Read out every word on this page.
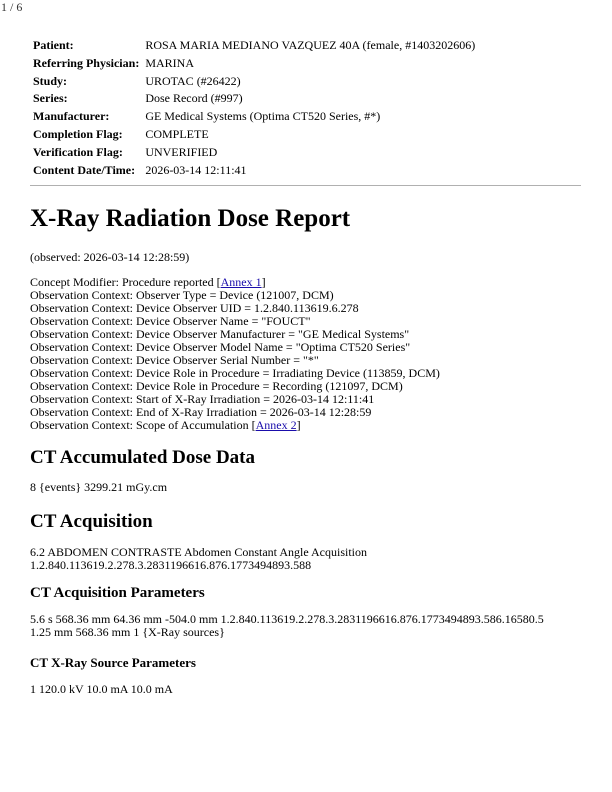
1 / 6
Patient:	ROSA MARIA MEDIANO VAZQUEZ 40A (female, #1403202606)
Referring Physician:	MARINA
Study:	UROTAC (#26422)
Series:	Dose Record (#997)
Manufacturer:	GE Medical Systems (Optima CT520 Series, #*)
Completion Flag:	COMPLETE
Verification Flag:	UNVERIFIED
Content Date/Time:	2026-03-14 12:11:41
X-Ray Radiation Dose Report
(observed: 2026-03-14 12:28:59)
Concept Modifier: Procedure reported [Annex 1]
Observation Context: Observer Type = Device (121007, DCM)
Observation Context: Device Observer UID = 1.2.840.113619.6.278
Observation Context: Device Observer Name = "FOUCT"
Observation Context: Device Observer Manufacturer = "GE Medical Systems"
Observation Context: Device Observer Model Name = "Optima CT520 Series"
Observation Context: Device Observer Serial Number = "*"
Observation Context: Device Role in Procedure = Irradiating Device (113859, DCM)
Observation Context: Device Role in Procedure = Recording (121097, DCM)
Observation Context: Start of X-Ray Irradiation = 2026-03-14 12:11:41
Observation Context: End of X-Ray Irradiation = 2026-03-14 12:28:59
Observation Context: Scope of Accumulation [Annex 2]
CT Accumulated Dose Data
8 {events} 3299.21 mGy.cm
CT Acquisition
6.2 ABDOMEN CONTRASTE Abdomen Constant Angle Acquisition
1.2.840.113619.2.278.3.2831196616.876.1773494893.588
CT Acquisition Parameters
5.6 s 568.36 mm 64.36 mm -504.0 mm 1.2.840.113619.2.278.3.2831196616.876.1773494893.586.16580.5
1.25 mm 568.36 mm 1 {X-Ray sources}
CT X-Ray Source Parameters
1 120.0 kV 10.0 mA 10.0 mA
